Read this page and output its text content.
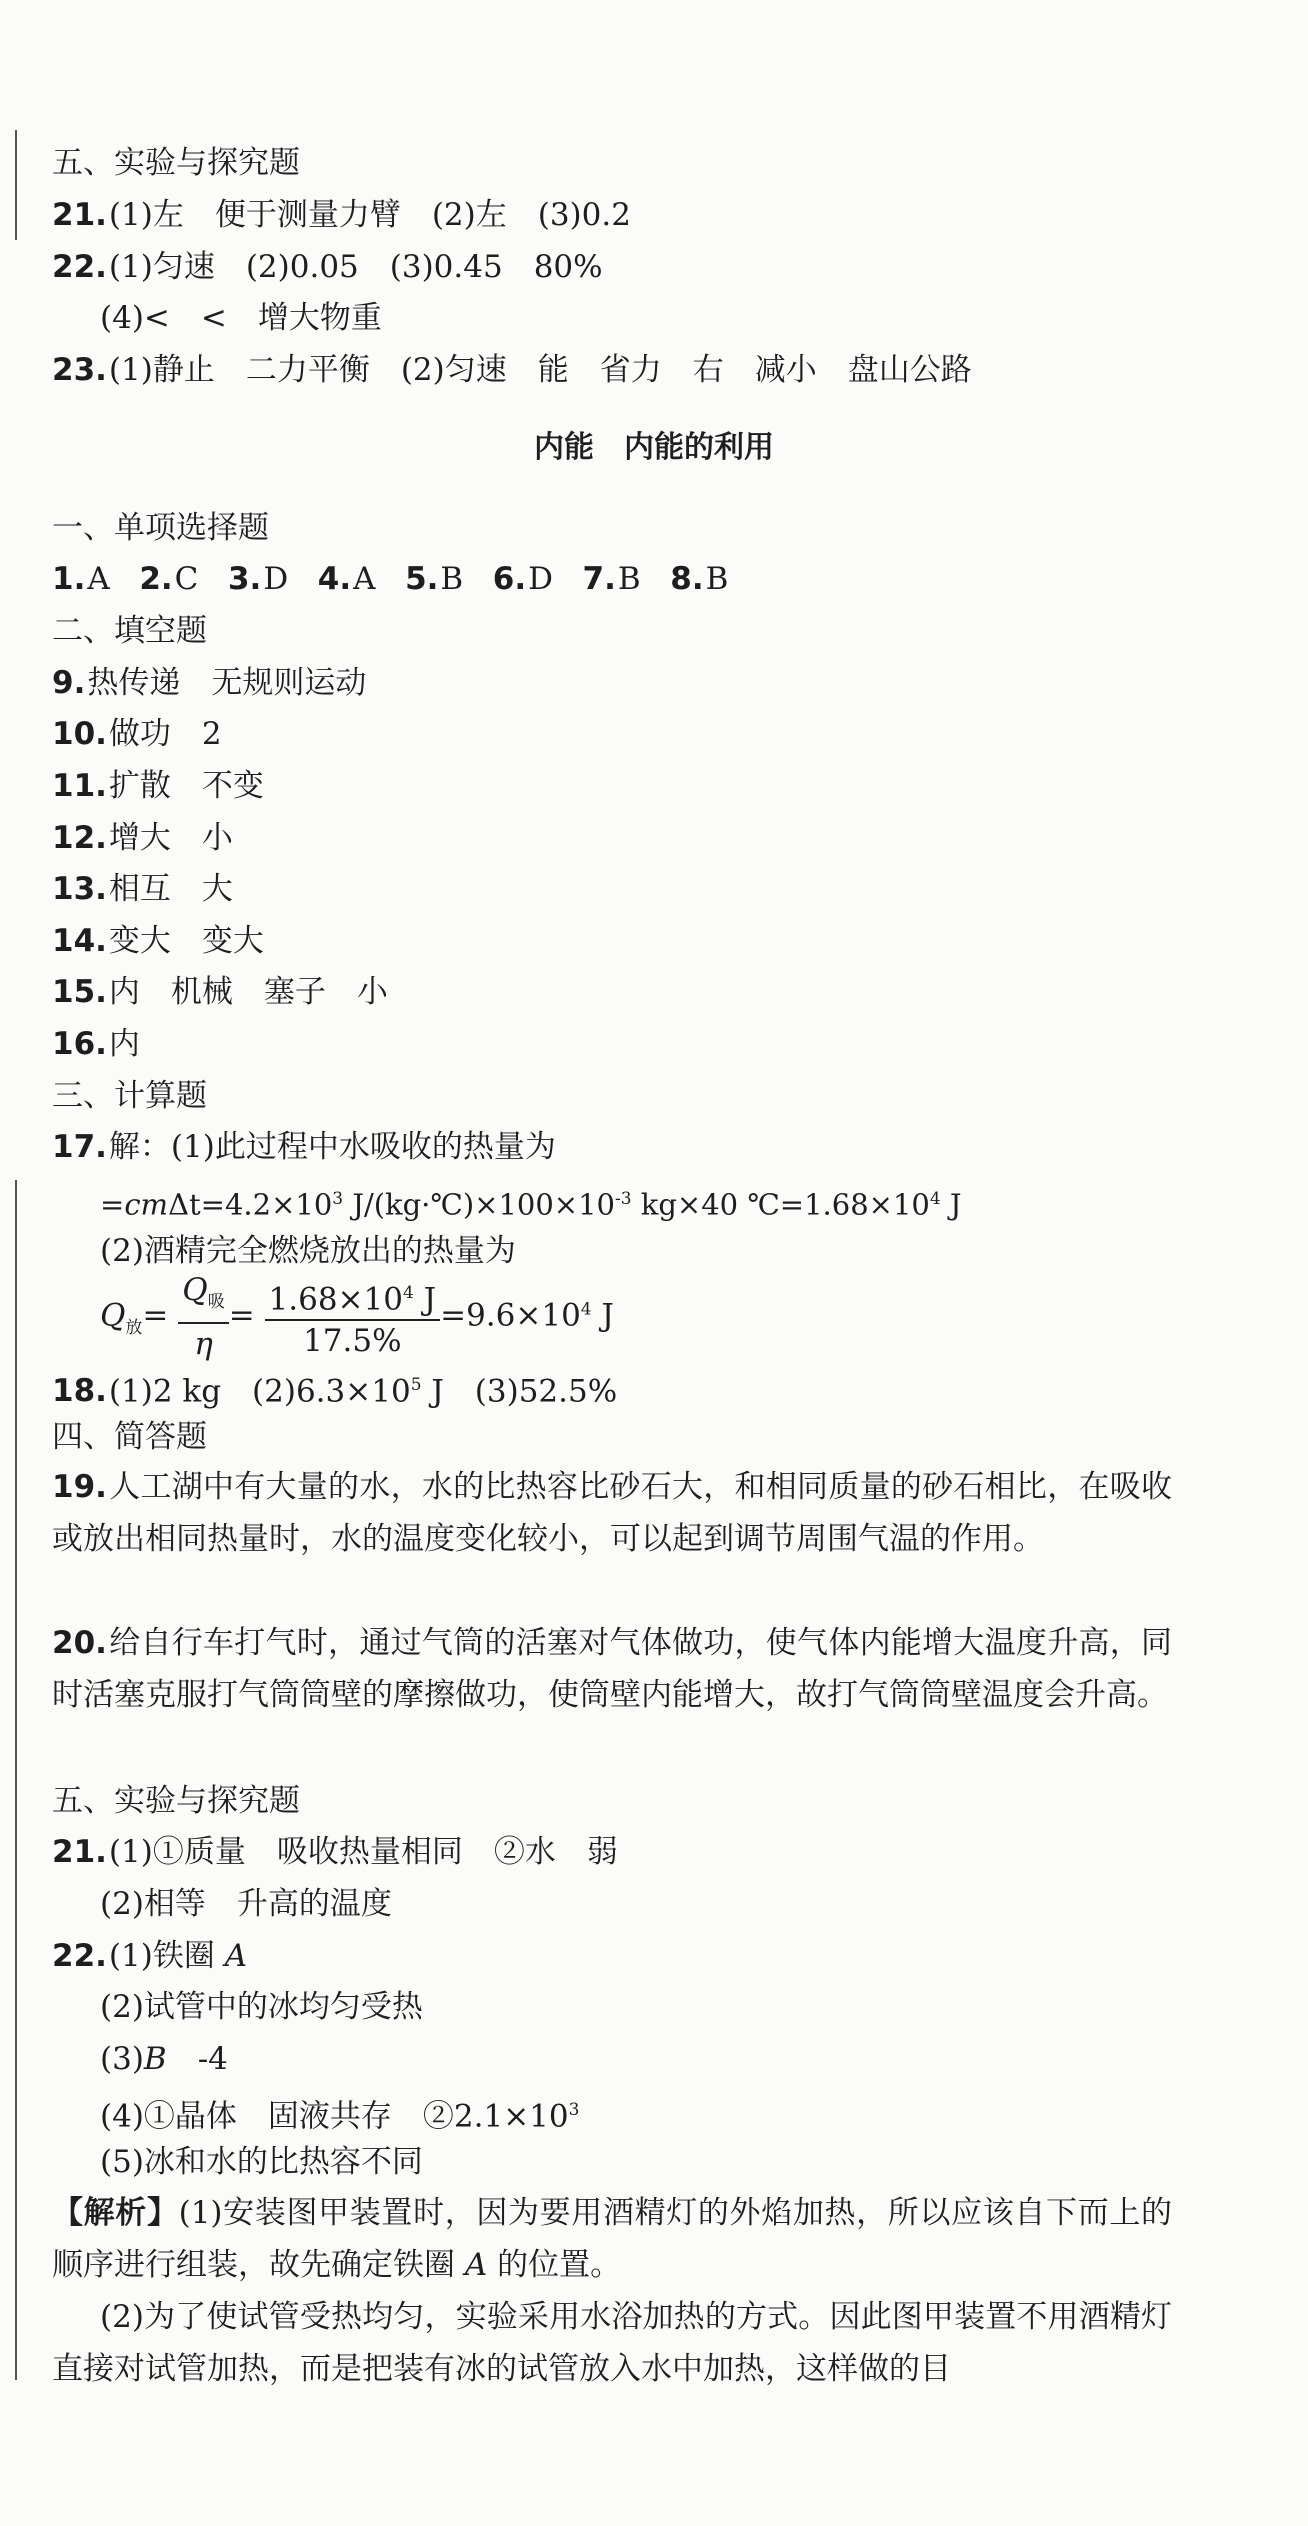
五、实验与探究题
21.(1)左　便于测量力臂　(2)左　(3)0.2
22.(1)匀速　(2)0.05　(3)0.45　80%
(4)<　<　增大物重
23.(1)静止　二力平衡　(2)匀速　能　省力　右　减小　盘山公路
内能　内能的利用
一、单项选择题
1.A 2.C 3.D 4.A 5.B 6.D 7.B 8.B
二、填空题
9.热传递　无规则运动
10.做功　2
11.扩散　不变
12.增大　小
13.相互　大
14.变大　变大
15.内　机械　塞子　小
16.内
三、计算题
17.解：(1)此过程中水吸收的热量为
$=cm\Delta t=4.2\times 10^3$ $J/(kg\cdot℃)\times 100\times 10^{-3}$ kg×40 $℃=1.68\times 10^4$ J
(2)酒精完全燃烧放出的热量为
$Q_放= \frac{Q_吸}{\eta} = \frac{1.68\times 10^4 J}{17.5\%} =9.6\times 10^4$ J
18.(1)2 kg　$(2)6.3\times 10^5$ J　(3)52.5%
四、简答题
19.人工湖中有大量的水，水的比热容比砂石大，和相同质量的砂石相比，在吸收或放出相同热量时，水的温度变化较小，可以起到调节周围气温的作用。
20.给自行车打气时，通过气筒的活塞对气体做功，使气体内能增大温度升高，同时活塞克服打气筒筒壁的摩擦做功，使筒壁内能增大，故打气筒筒壁温度会升高。
五、实验与探究题
21.(1)①质量　吸收热量相同　②水　弱
(2)相等　升高的温度
22.(1)铁圈 A
(2)试管中的冰均匀受热
(3)B　-4
(4)①晶体　固液共存　$②2.1\times 10^3$
(5)冰和水的比热容不同
【解析】(1)安装图甲装置时，因为要用酒精灯的外焰加热，所以应该自下而上的顺序进行组装，故先确定铁圈 A 的位置。
(2)为了使试管受热均匀，实验采用水浴加热的方式。因此图甲装置不用酒精灯直接对试管加热，而是把装有冰的试管放入水中加热，这样做的目
